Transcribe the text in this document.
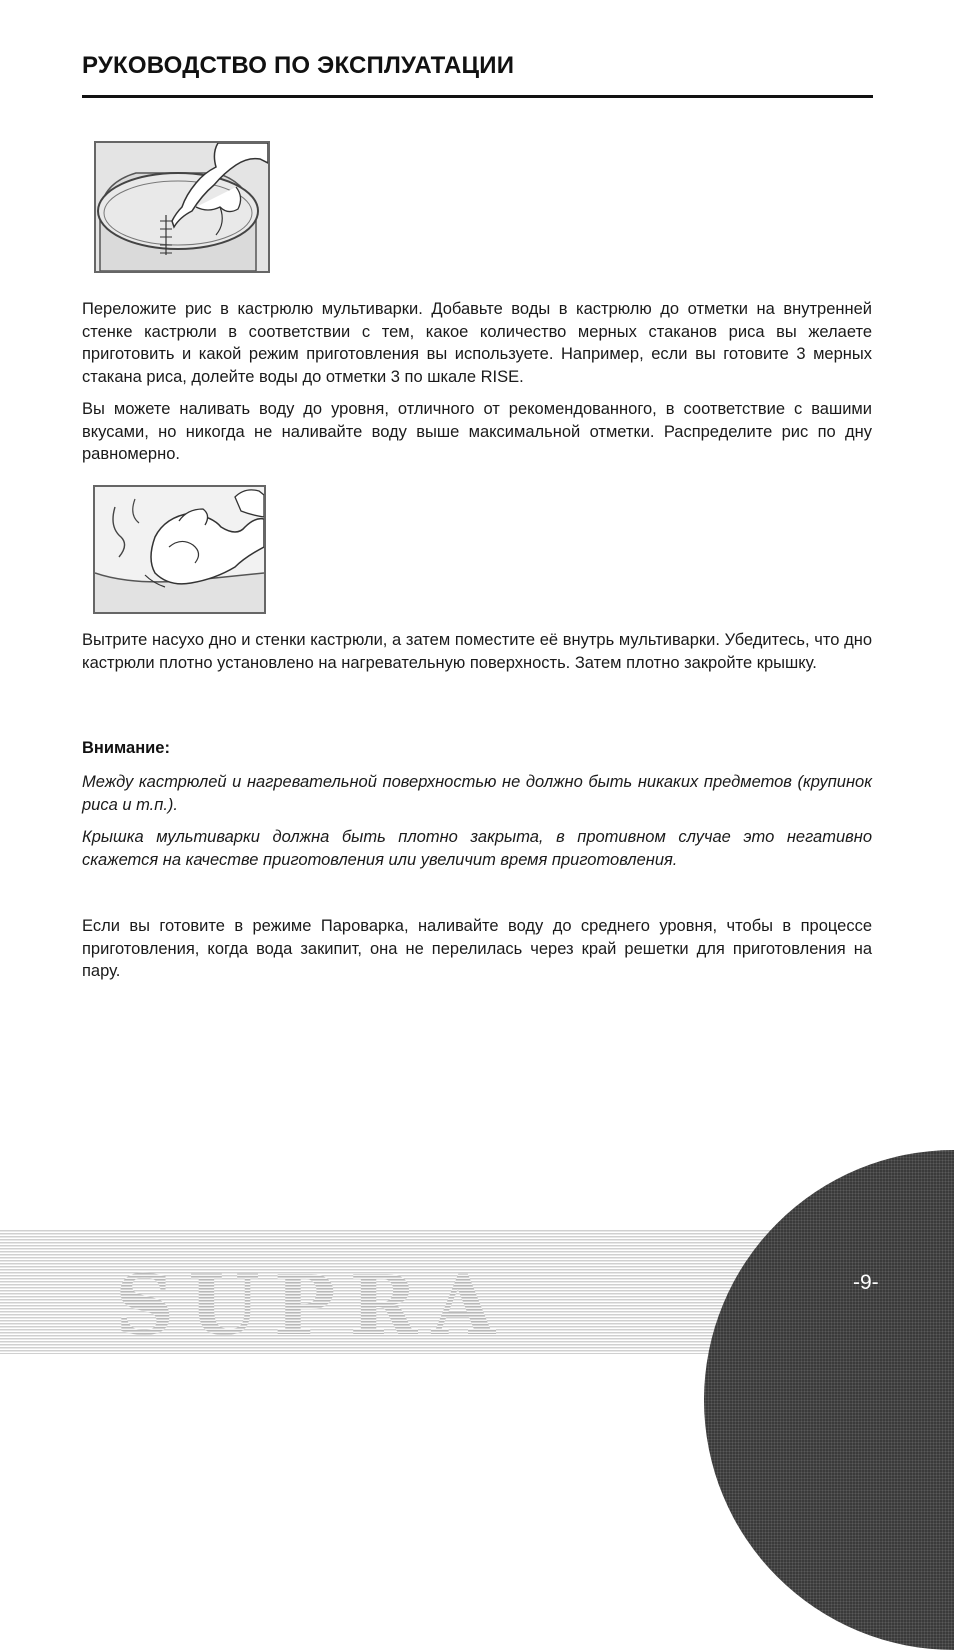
РУКОВОДСТВО ПО ЭКСПЛУАТАЦИИ

Переложите рис в кастрюлю мультиварки. Добавьте воды в кастрюлю до отметки на внутренней стенке кастрюли в соответствии с тем, какое количество мерных стаканов риса вы желаете приготовить и какой режим приготовления вы используете. Например, если вы готовите 3 мерных стакана риса, долейте воды до отметки 3 по шкале RISE.

Вы можете наливать воду до уровня, отличного от рекомендованного, в соответствие с вашими вкусами, но никогда не наливайте воду выше максимальной отметки. Распределите рис по дну равномерно.

Вытрите насухо дно и стенки кастрюли, а затем поместите её внутрь мультиварки. Убедитесь, что дно кастрюли плотно установлено на нагревательную поверхность. Затем плотно закройте крышку.

Внимание:

Между кастрюлей и нагревательной поверхностью не должно быть никаких предметов (крупинок риса и т.п.).

Крышка мультиварки должна быть плотно закрыта, в противном случае это негативно скажется на качестве приготовления или увеличит время приготовления.

Если вы готовите в режиме Пароварка, наливайте воду до среднего уровня, чтобы в процессе приготовления, когда вода закипит, она не перелилась через край решетки для приготовления на пару.

SUPRA	-9-
